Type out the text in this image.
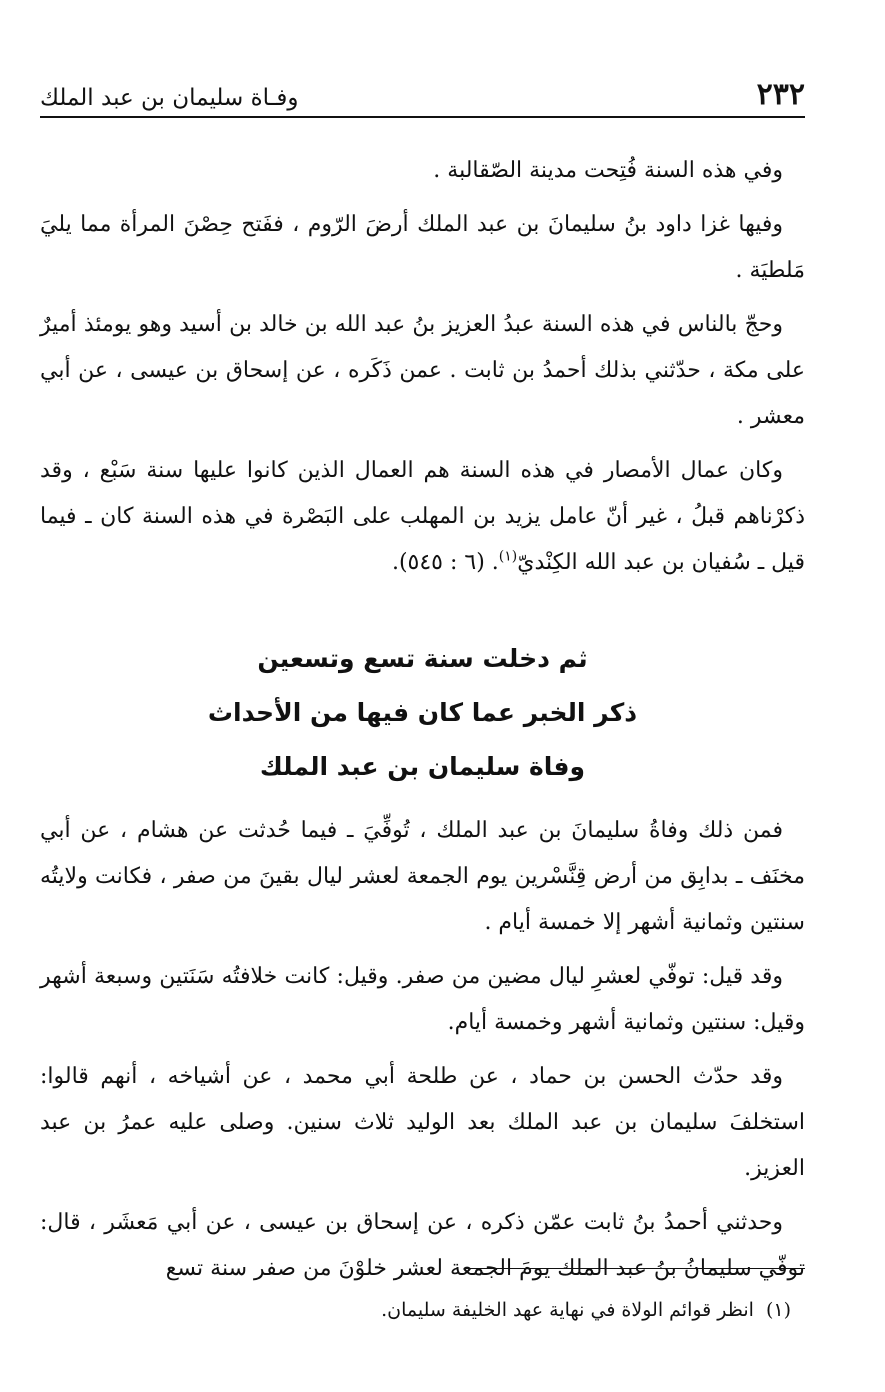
٢٣٢
وفـاة سليمان بن عبد الملك

وفي هذه السنة فُتِحت مدينة الصّقالبة .

وفيها غزا داود بنُ سليمانَ بن عبد الملك أرضَ الرّوم ، ففَتح حِصْنَ المرأة مما يليَ مَلطيَة .

وحجّ بالناس في هذه السنة عبدُ العزيز بنُ عبد الله بن خالد بن أسيد وهو يومئذ أميرٌ على مكة ، حدّثني بذلك أحمدُ بن ثابت . عمن ذَكَره ، عن إسحاق بن عيسى ، عن أبي معشر .

وكان عمال الأمصار في هذه السنة هم العمال الذين كانوا عليها سنة سَبْع ، وقد ذكرْناهم قبلُ ، غير أنّ عامل يزيد بن المهلب على البَصْرة في هذه السنة كان ـ فيما قيل ـ سُفيان بن عبد الله الكِنْديّ$^{(١)}$. (٦ : ٥٤٥).

ثم دخلت سنة تسع وتسعين
ذكر الخبر عما كان فيها من الأحداث
وفاة سليمان بن عبد الملك

فمن ذلك وفاةُ سليمانَ بن عبد الملك ، تُوفِّيَ ـ فيما حُدثت عن هشام ، عن أبي مخنَف ـ بدابِق من أرض قِنَّسْرين يوم الجمعة لعشر ليال بقينَ من صفر ، فكانت ولايتُه سنتين وثمانية أشهر إلا خمسة أيام .

وقد قيل: توفّي لعشرِ ليال مضين من صفر. وقيل: كانت خلافتُه سَنَتين وسبعة أشهر وقيل: سنتين وثمانية أشهر وخمسة أيام.

وقد حدّث الحسن بن حماد ، عن طلحة أبي محمد ، عن أشياخه ، أنهم قالوا: استخلفَ سليمان بن عبد الملك بعد الوليد ثلاث سنين. وصلى عليه عمرُ بن عبد العزيز.

وحدثني أحمدُ بنُ ثابت عمّن ذكره ، عن إسحاق بن عيسى ، عن أبي مَعشَر ، قال: توفّي سليمانُ بنُ عبد الملك يومَ الجمعة لعشر خلوْنَ من صفر سنة تسع

(١)انظر قوائم الولاة في نهاية عهد الخليفة سليمان.
